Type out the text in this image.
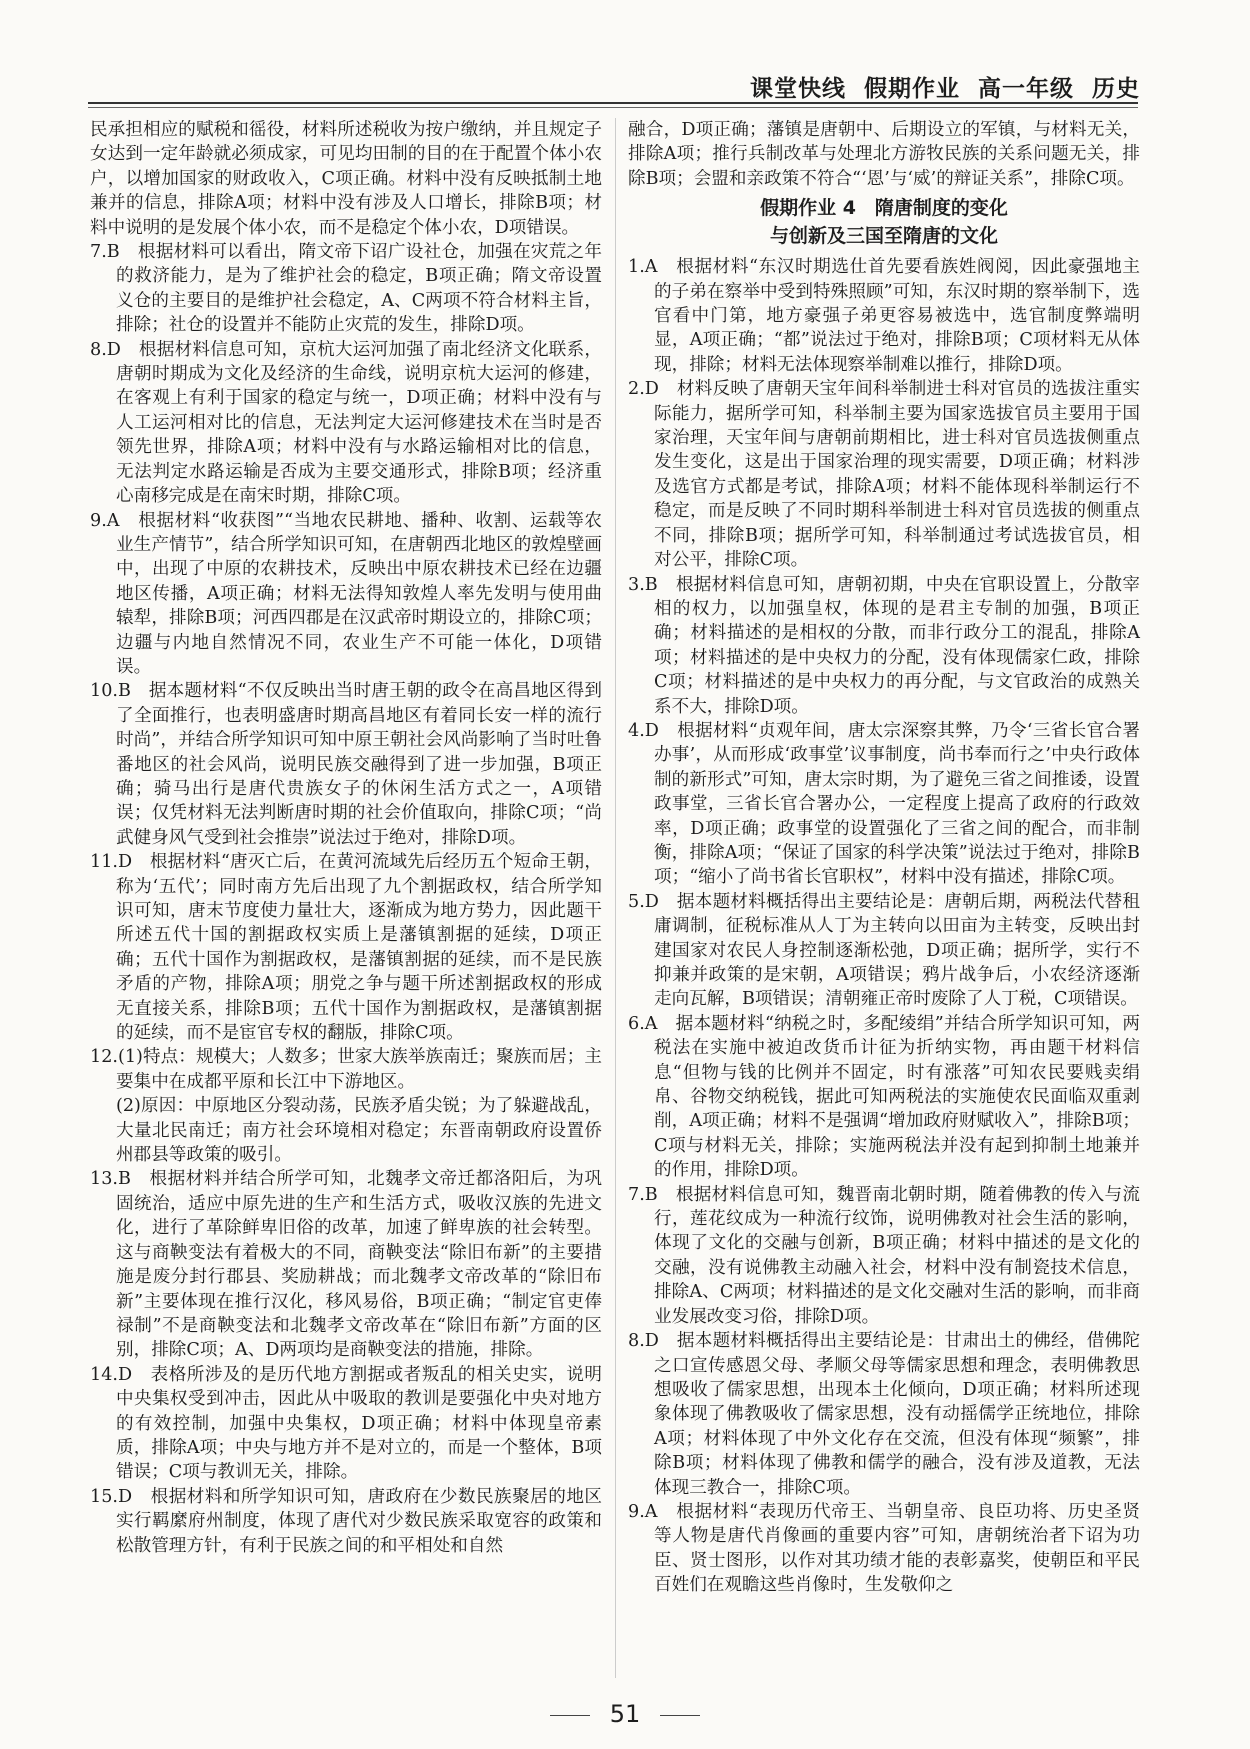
课堂快线 假期作业 高一年级 历史

民承担相应的赋税和徭役，材料所述税收为按户缴纳，并且规定子女达到一定年龄就必须成家，可见均田制的目的在于配置个体小农户，以增加国家的财政收入，C项正确。材料中没有反映抵制土地兼并的信息，排除A项；材料中没有涉及人口增长，排除B项；材料中说明的是发展个体小农，而不是稳定个体小农，D项错误。

7.B　根据材料可以看出，隋文帝下诏广设社仓，加强在灾荒之年的救济能力，是为了维护社会的稳定，B项正确；隋文帝设置义仓的主要目的是维护社会稳定，A、C两项不符合材料主旨，排除；社仓的设置并不能防止灾荒的发生，排除D项。

8.D　根据材料信息可知，京杭大运河加强了南北经济文化联系，唐朝时期成为文化及经济的生命线，说明京杭大运河的修建，在客观上有利于国家的稳定与统一，D项正确；材料中没有与人工运河相对比的信息，无法判定大运河修建技术在当时是否领先世界，排除A项；材料中没有与水路运输相对比的信息，无法判定水路运输是否成为主要交通形式，排除B项；经济重心南移完成是在南宋时期，排除C项。

9.A　根据材料“收获图”“当地农民耕地、播种、收割、运载等农业生产情节”，结合所学知识可知，在唐朝西北地区的敦煌壁画中，出现了中原的农耕技术，反映出中原农耕技术已经在边疆地区传播，A项正确；材料无法得知敦煌人率先发明与使用曲辕犁，排除B项；河西四郡是在汉武帝时期设立的，排除C项；边疆与内地自然情况不同，农业生产不可能一体化，D项错误。

10.B　据本题材料“不仅反映出当时唐王朝的政令在高昌地区得到了全面推行，也表明盛唐时期高昌地区有着同长安一样的流行时尚”，并结合所学知识可知中原王朝社会风尚影响了当时吐鲁番地区的社会风尚，说明民族交融得到了进一步加强，B项正确；骑马出行是唐代贵族女子的休闲生活方式之一，A项错误；仅凭材料无法判断唐时期的社会价值取向，排除C项；“尚武健身风气受到社会推崇”说法过于绝对，排除D项。

11.D　根据材料“唐灭亡后，在黄河流域先后经历五个短命王朝，称为‘五代’；同时南方先后出现了九个割据政权，结合所学知识可知，唐末节度使力量壮大，逐渐成为地方势力，因此题干所述五代十国的割据政权实质上是藩镇割据的延续，D项正确；五代十国作为割据政权，是藩镇割据的延续，而不是民族矛盾的产物，排除A项；朋党之争与题干所述割据政权的形成无直接关系，排除B项；五代十国作为割据政权，是藩镇割据的延续，而不是宦官专权的翻版，排除C项。

12.(1)特点：规模大；人数多；世家大族举族南迁；聚族而居；主要集中在成都平原和长江中下游地区。

(2)原因：中原地区分裂动荡，民族矛盾尖锐；为了躲避战乱，大量北民南迁；南方社会环境相对稳定；东晋南朝政府设置侨州郡县等政策的吸引。

13.B　根据材料并结合所学可知，北魏孝文帝迁都洛阳后，为巩固统治，适应中原先进的生产和生活方式，吸收汉族的先进文化，进行了革除鲜卑旧俗的改革，加速了鲜卑族的社会转型。这与商鞅变法有着极大的不同，商鞅变法“除旧布新”的主要措施是废分封行郡县、奖励耕战；而北魏孝文帝改革的“除旧布新”主要体现在推行汉化，移风易俗，B项正确；“制定官吏俸禄制”不是商鞅变法和北魏孝文帝改革在“除旧布新”方面的区别，排除C项；A、D两项均是商鞅变法的措施，排除。

14.D　表格所涉及的是历代地方割据或者叛乱的相关史实，说明中央集权受到冲击，因此从中吸取的教训是要强化中央对地方的有效控制，加强中央集权，D项正确；材料中体现皇帝素质，排除A项；中央与地方并不是对立的，而是一个整体，B项错误；C项与教训无关，排除。

15.D　根据材料和所学知识可知，唐政府在少数民族聚居的地区实行羁縻府州制度，体现了唐代对少数民族采取宽容的政策和松散管理方针，有利于民族之间的和平相处和自然

融合，D项正确；藩镇是唐朝中、后期设立的军镇，与材料无关，排除A项；推行兵制改革与处理北方游牧民族的关系问题无关，排除B项；会盟和亲政策不符合“‘恩’与‘威’的辩证关系”，排除C项。

假期作业 4　隋唐制度的变化
与创新及三国至隋唐的文化

1.A　根据材料“东汉时期选仕首先要看族姓阀阅，因此豪强地主的子弟在察举中受到特殊照顾”可知，东汉时期的察举制下，选官看中门第，地方豪强子弟更容易被选中，选官制度弊端明显，A项正确；“都”说法过于绝对，排除B项；C项材料无从体现，排除；材料无法体现察举制难以推行，排除D项。

2.D　材料反映了唐朝天宝年间科举制进士科对官员的选拔注重实际能力，据所学可知，科举制主要为国家选拔官员主要用于国家治理，天宝年间与唐朝前期相比，进士科对官员选拔侧重点发生变化，这是出于国家治理的现实需要，D项正确；材料涉及选官方式都是考试，排除A项；材料不能体现科举制运行不稳定，而是反映了不同时期科举制进士科对官员选拔的侧重点不同，排除B项；据所学可知，科举制通过考试选拔官员，相对公平，排除C项。

3.B　根据材料信息可知，唐朝初期，中央在官职设置上，分散宰相的权力，以加强皇权，体现的是君主专制的加强，B项正确；材料描述的是相权的分散，而非行政分工的混乱，排除A项；材料描述的是中央权力的分配，没有体现儒家仁政，排除C项；材料描述的是中央权力的再分配，与文官政治的成熟关系不大，排除D项。

4.D　根据材料“贞观年间，唐太宗深察其弊，乃令‘三省长官合署办事’，从而形成‘政事堂’议事制度，尚书奉而行之’中央行政体制的新形式”可知，唐太宗时期，为了避免三省之间推诿，设置政事堂，三省长官合署办公，一定程度上提高了政府的行政效率，D项正确；政事堂的设置强化了三省之间的配合，而非制衡，排除A项；“保证了国家的科学决策”说法过于绝对，排除B项；“缩小了尚书省长官职权”，材料中没有描述，排除C项。

5.D　据本题材料概括得出主要结论是：唐朝后期，两税法代替租庸调制，征税标准从人丁为主转向以田亩为主转变，反映出封建国家对农民人身控制逐渐松弛，D项正确；据所学，实行不抑兼并政策的是宋朝，A项错误；鸦片战争后，小农经济逐渐走向瓦解，B项错误；清朝雍正帝时废除了人丁税，C项错误。

6.A　据本题材料“纳税之时，多配绫绢”并结合所学知识可知，两税法在实施中被迫改货币计征为折纳实物，再由题干材料信息“但物与钱的比例并不固定，时有涨落”可知农民要贱卖绢帛、谷物交纳税钱，据此可知两税法的实施使农民面临双重剥削，A项正确；材料不是强调“增加政府财赋收入”，排除B项；C项与材料无关，排除；实施两税法并没有起到抑制土地兼并的作用，排除D项。

7.B　根据材料信息可知，魏晋南北朝时期，随着佛教的传入与流行，莲花纹成为一种流行纹饰，说明佛教对社会生活的影响，体现了文化的交融与创新，B项正确；材料中描述的是文化的交融，没有说佛教主动融入社会，材料中没有制瓷技术信息，排除A、C两项；材料描述的是文化交融对生活的影响，而非商业发展改变习俗，排除D项。

8.D　据本题材料概括得出主要结论是：甘肃出土的佛经，借佛陀之口宣传感恩父母、孝顺父母等儒家思想和理念，表明佛教思想吸收了儒家思想，出现本土化倾向，D项正确；材料所述现象体现了佛教吸收了儒家思想，没有动摇儒学正统地位，排除A项；材料体现了中外文化存在交流，但没有体现“频繁”，排除B项；材料体现了佛教和儒学的融合，没有涉及道教，无法体现三教合一，排除C项。

9.A　根据材料“表现历代帝王、当朝皇帝、良臣功将、历史圣贤等人物是唐代肖像画的重要内容”可知，唐朝统治者下诏为功臣、贤士图形，以作对其功绩才能的表彰嘉奖，使朝臣和平民百姓们在观瞻这些肖像时，生发敬仰之

51
